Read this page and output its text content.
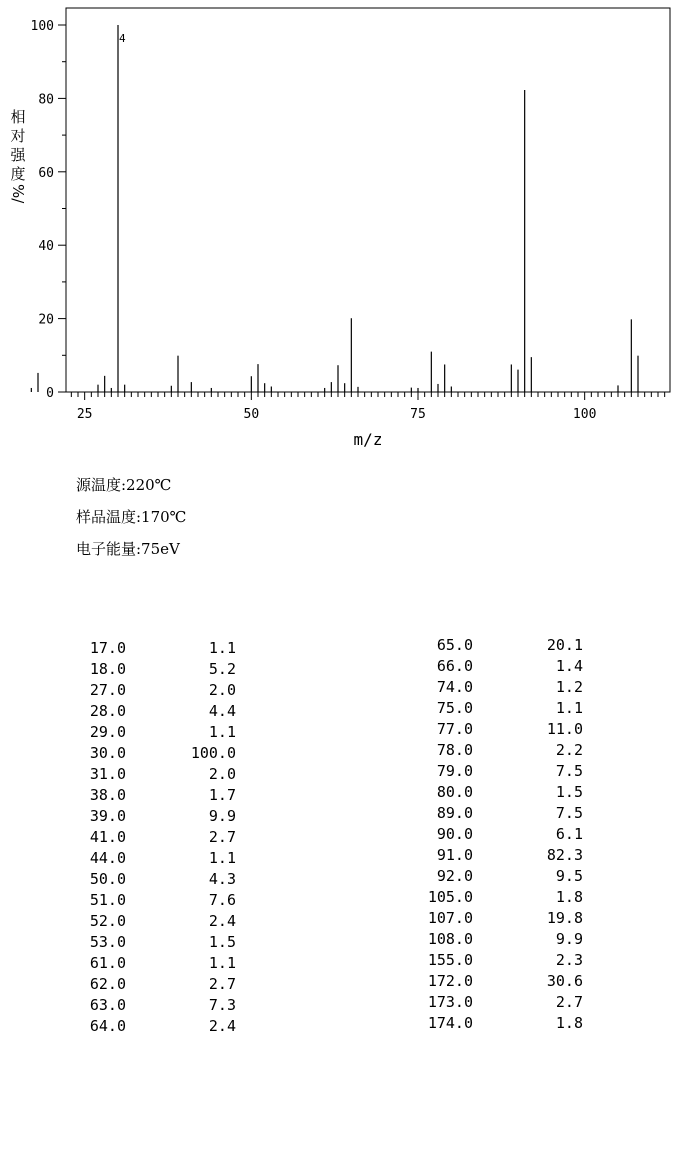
25	50	75	100
0
20
40
60
80
100
4
m/z
相
对
强
度
%/
源温度:220℃
样品温度:170℃
电子能量:75eV
17.0	1.1
18.0	5.2
27.0	2.0
28.0	4.4
29.0	1.1
30.0	100.0
31.0	2.0
38.0	1.7
39.0	9.9
41.0	2.7
44.0	1.1
50.0	4.3
51.0	7.6
52.0	2.4
53.0	1.5
61.0	1.1
62.0	2.7
63.0	7.3
64.0	2.4
65.0	20.1
66.0	1.4
74.0	1.2
75.0	1.1
77.0	11.0
78.0	2.2
79.0	7.5
80.0	1.5
89.0	7.5
90.0	6.1
91.0	82.3
92.0	9.5
105.0	1.8
107.0	19.8
108.0	9.9
155.0	2.3
172.0	30.6
173.0	2.7
174.0	1.8
